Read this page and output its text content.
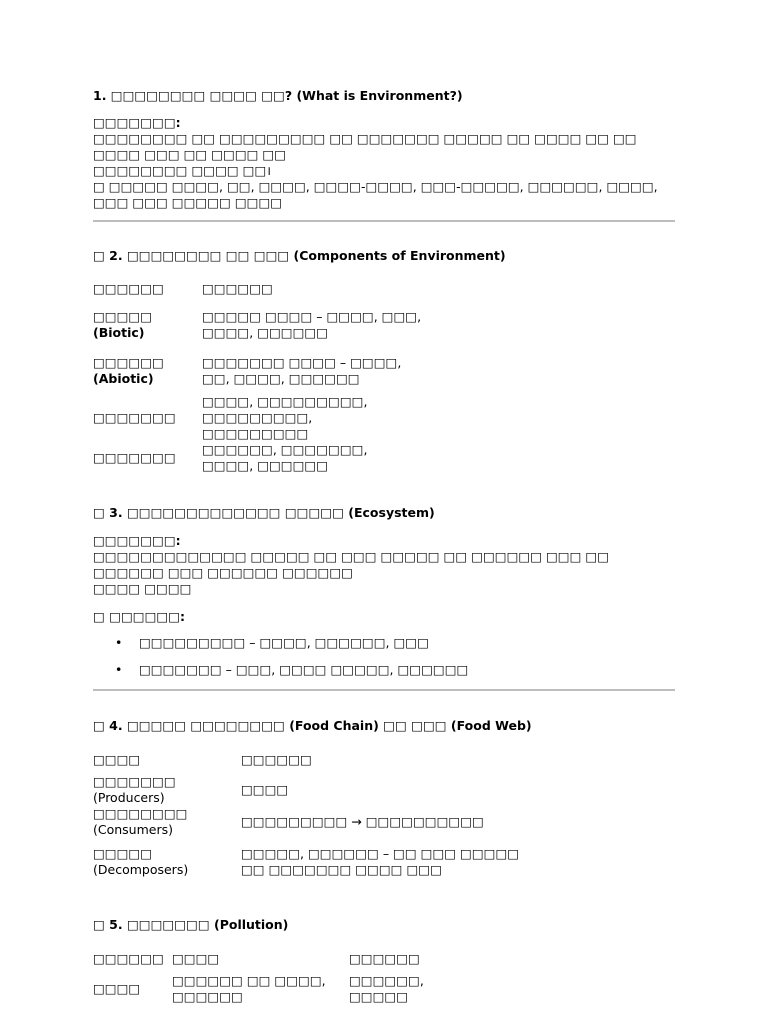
1. □□□□□□□□ □□□□ □□? (What is Environment?)

□□□□□□□:

□□□□□□□□ □□ □□□□□□□□□ □□ □□□□□□□ □□□□□ □□ □□□□ □□ □□ □□□□ □□□ □□ □□□□ □□

□□□□□□□□ □□□□ □□।

□ □□□□□ □□□□, □□, □□□□, □□□□-□□□□, □□□-□□□□□, □□□□□□, □□□□, □□□ □□□ □□□□□ □□□□

□ 2. □□□□□□□□ □□ □□□ (Components of Environment)

□□□□□□	□□□□□□
□□□□□ (Biotic)	□□□□□ □□□□ – □□□□, □□□, □□□□, □□□□□□
□□□□□□ (Abiotic)	□□□□□□□ □□□□ – □□□□, □□, □□□□, □□□□□□
□□□□□□□	□□□□, □□□□□□□□□, □□□□□□□□□, □□□□□□□□□
□□□□□□□	□□□□□□, □□□□□□□, □□□□, □□□□□□

□ 3. □□□□□□□□□□□□□ □□□□□ (Ecosystem)

□□□□□□□:

□□□□□□□□□□□□□ □□□□□ □□ □□□ □□□□□ □□ □□□□□□ □□□ □□ □□□□□□ □□□ □□□□□□ □□□□□□

□□□□ □□□□

□ □□□□□□:

• □□□□□□□□□ – □□□□, □□□□□□, □□□
• □□□□□□□ – □□□, □□□□ □□□□□, □□□□□□

□ 4. □□□□□ □□□□□□□□ (Food Chain) □□ □□□ (Food Web)

□□□□	□□□□□□
□□□□□□□ (Producers)	□□□□
□□□□□□□□ (Consumers)	□□□□□□□□□ → □□□□□□□□□□
□□□□□ (Decomposers)	□□□□□, □□□□□□ – □□ □□□ □□□□□ □□ □□□□□□□ □□□□ □□□

□ 5. □□□□□□□ (Pollution)

□□□□□□	□□□□	□□□□□□
□□□□	□□□□□□ □□ □□□□, □□□□□□	□□□□□□, □□□□□
